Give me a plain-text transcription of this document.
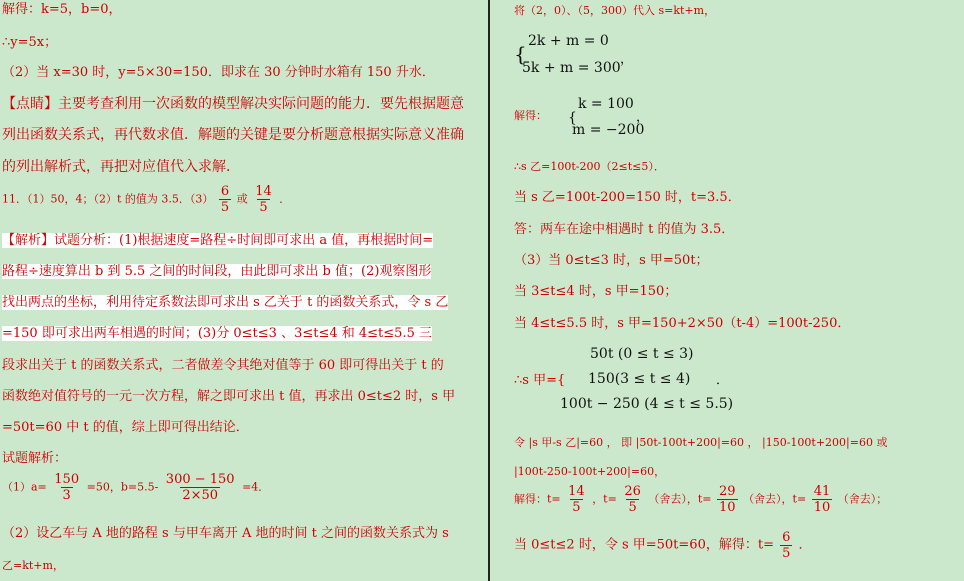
解得：k=5，b=0，
∴y=5x；
（2）当 x=30 时，y=5×30=150．即求在 30 分钟时水箱有 150 升水．
【点睛】主要考查利用一次函数的模型解决实际问题的能力．要先根据题意
列出函数关系式，再代数求值．解题的关键是要分析题意根据实际意义准确
的列出解析式，再把对应值代入求解．
11．（1）50，4；（2）t 的值为 3.5．$(3) \frac{6}{5}$ 或 $\frac{14}{5}$ ．
【解析】试题分析：(1)根据速度=路程÷时间即可求出 a 值，再根据时间=
路程÷速度算出 b 到 5.5 之间的时间段，由此即可求出 b 值；(2)观察图形
找出两点的坐标，利用待定系数法即可求出 s 乙关于 t 的函数关系式，令 s 乙
=150 即可求出两车相遇的时间；(3)分 0≤t≤3 、3≤t≤4 和 4≤t≤5.5 三
段求出关于 t 的函数关系式，二者做差令其绝对值等于 60 即可得出关于 t 的
函数绝对值符号的一元一次方程，解之即可求出 t 值，再求出 0≤t≤2 时，s 甲
=50t=60 中 t 的值，综上即可得出结论．
试题解析：
$(1)a= \frac{150}{3} =50$，$b=5.5- \frac{300 - 150}{2\times 50} =4$．
（2）设乙车与 A 地的路程 s 与甲车离开 A 地的时间 t 之间的函数关系式为 s
乙=kt+m，
将（2，0）、（5，300）代入 s=kt+m，
{
2k + m = 0
5k + m = 300
，
解得： {
k = 100
m = −200
，
∴s 乙=100t-200（2≤t≤5）．
当 s 乙=100t-200=150 时，t=3.5．
答：两车在途中相遇时 t 的值为 3.5．
（3）当 0≤t≤3 时，s 甲=50t；
当 3≤t≤4 时，s 甲=150；
当 4≤t≤5.5 时，s 甲=150+2×50（t-4）=100t-250．
50t (0 ≤ t ≤ 3)
∴s 甲={ 150(3 ≤ t ≤ 4) ．
100t − 250 (4 ≤ t ≤ 5.5)
令 |s 甲-s 乙|=60 ， 即 |50t-100t+200|=60 ， |150-100t+200|=60 或
|100t-250-100t+200|=60，
解得：$t= \frac{14}{5}$ ，$t= \frac{26}{5}$ （舍去），$t= \frac{29}{10}$ （舍去），$t= \frac{41}{10}$ （舍去）；
当 0≤t≤2 时，令 s 甲=50t=60，解得：$t= \frac{6}{5}$ ．
